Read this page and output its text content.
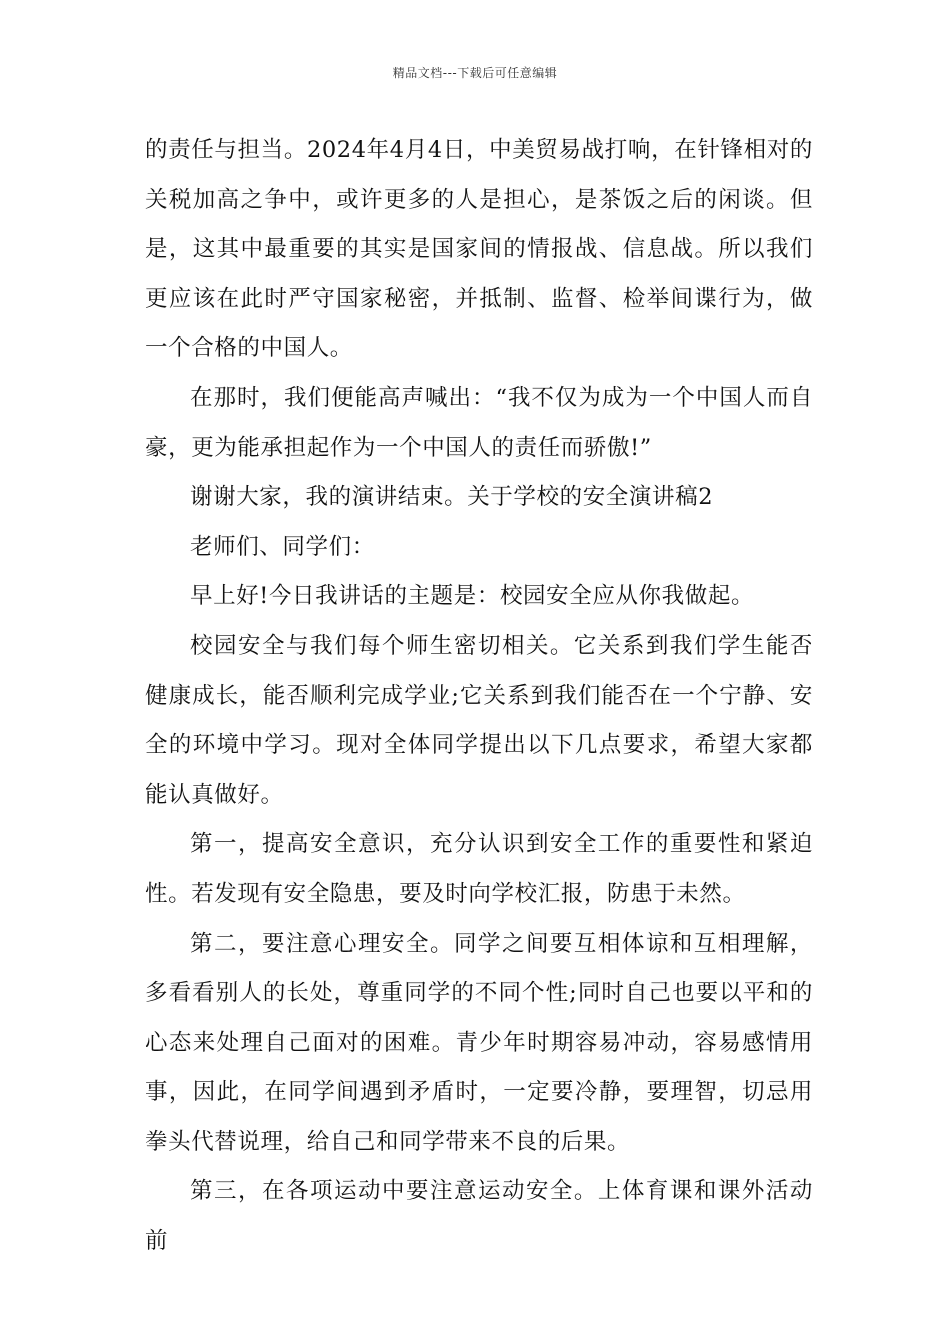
精品文档---下载后可任意编辑

的责任与担当。2024年4月4日，中美贸易战打响，在针锋相对的关税加高之争中，或许更多的人是担心，是茶饭之后的闲谈。但是，这其中最重要的其实是国家间的情报战、信息战。所以我们更应该在此时严守国家秘密，并抵制、监督、检举间谍行为，做一个合格的中国人。

在那时，我们便能高声喊出：“我不仅为成为一个中国人而自豪，更为能承担起作为一个中国人的责任而骄傲!”

谢谢大家，我的演讲结束。关于学校的安全演讲稿2

老师们、同学们：

早上好!今日我讲话的主题是：校园安全应从你我做起。

校园安全与我们每个师生密切相关。它关系到我们学生能否健康成长，能否顺利完成学业;它关系到我们能否在一个宁静、安全的环境中学习。现对全体同学提出以下几点要求，希望大家都能认真做好。

第一，提高安全意识，充分认识到安全工作的重要性和紧迫性。若发现有安全隐患，要及时向学校汇报，防患于未然。

第二，要注意心理安全。同学之间要互相体谅和互相理解，多看看别人的长处，尊重同学的不同个性;同时自己也要以平和的心态来处理自己面对的困难。青少年时期容易冲动，容易感情用事，因此，在同学间遇到矛盾时，一定要冷静，要理智，切忌用拳头代替说理，给自己和同学带来不良的后果。

第三，在各项运动中要注意运动安全。上体育课和课外活动前
